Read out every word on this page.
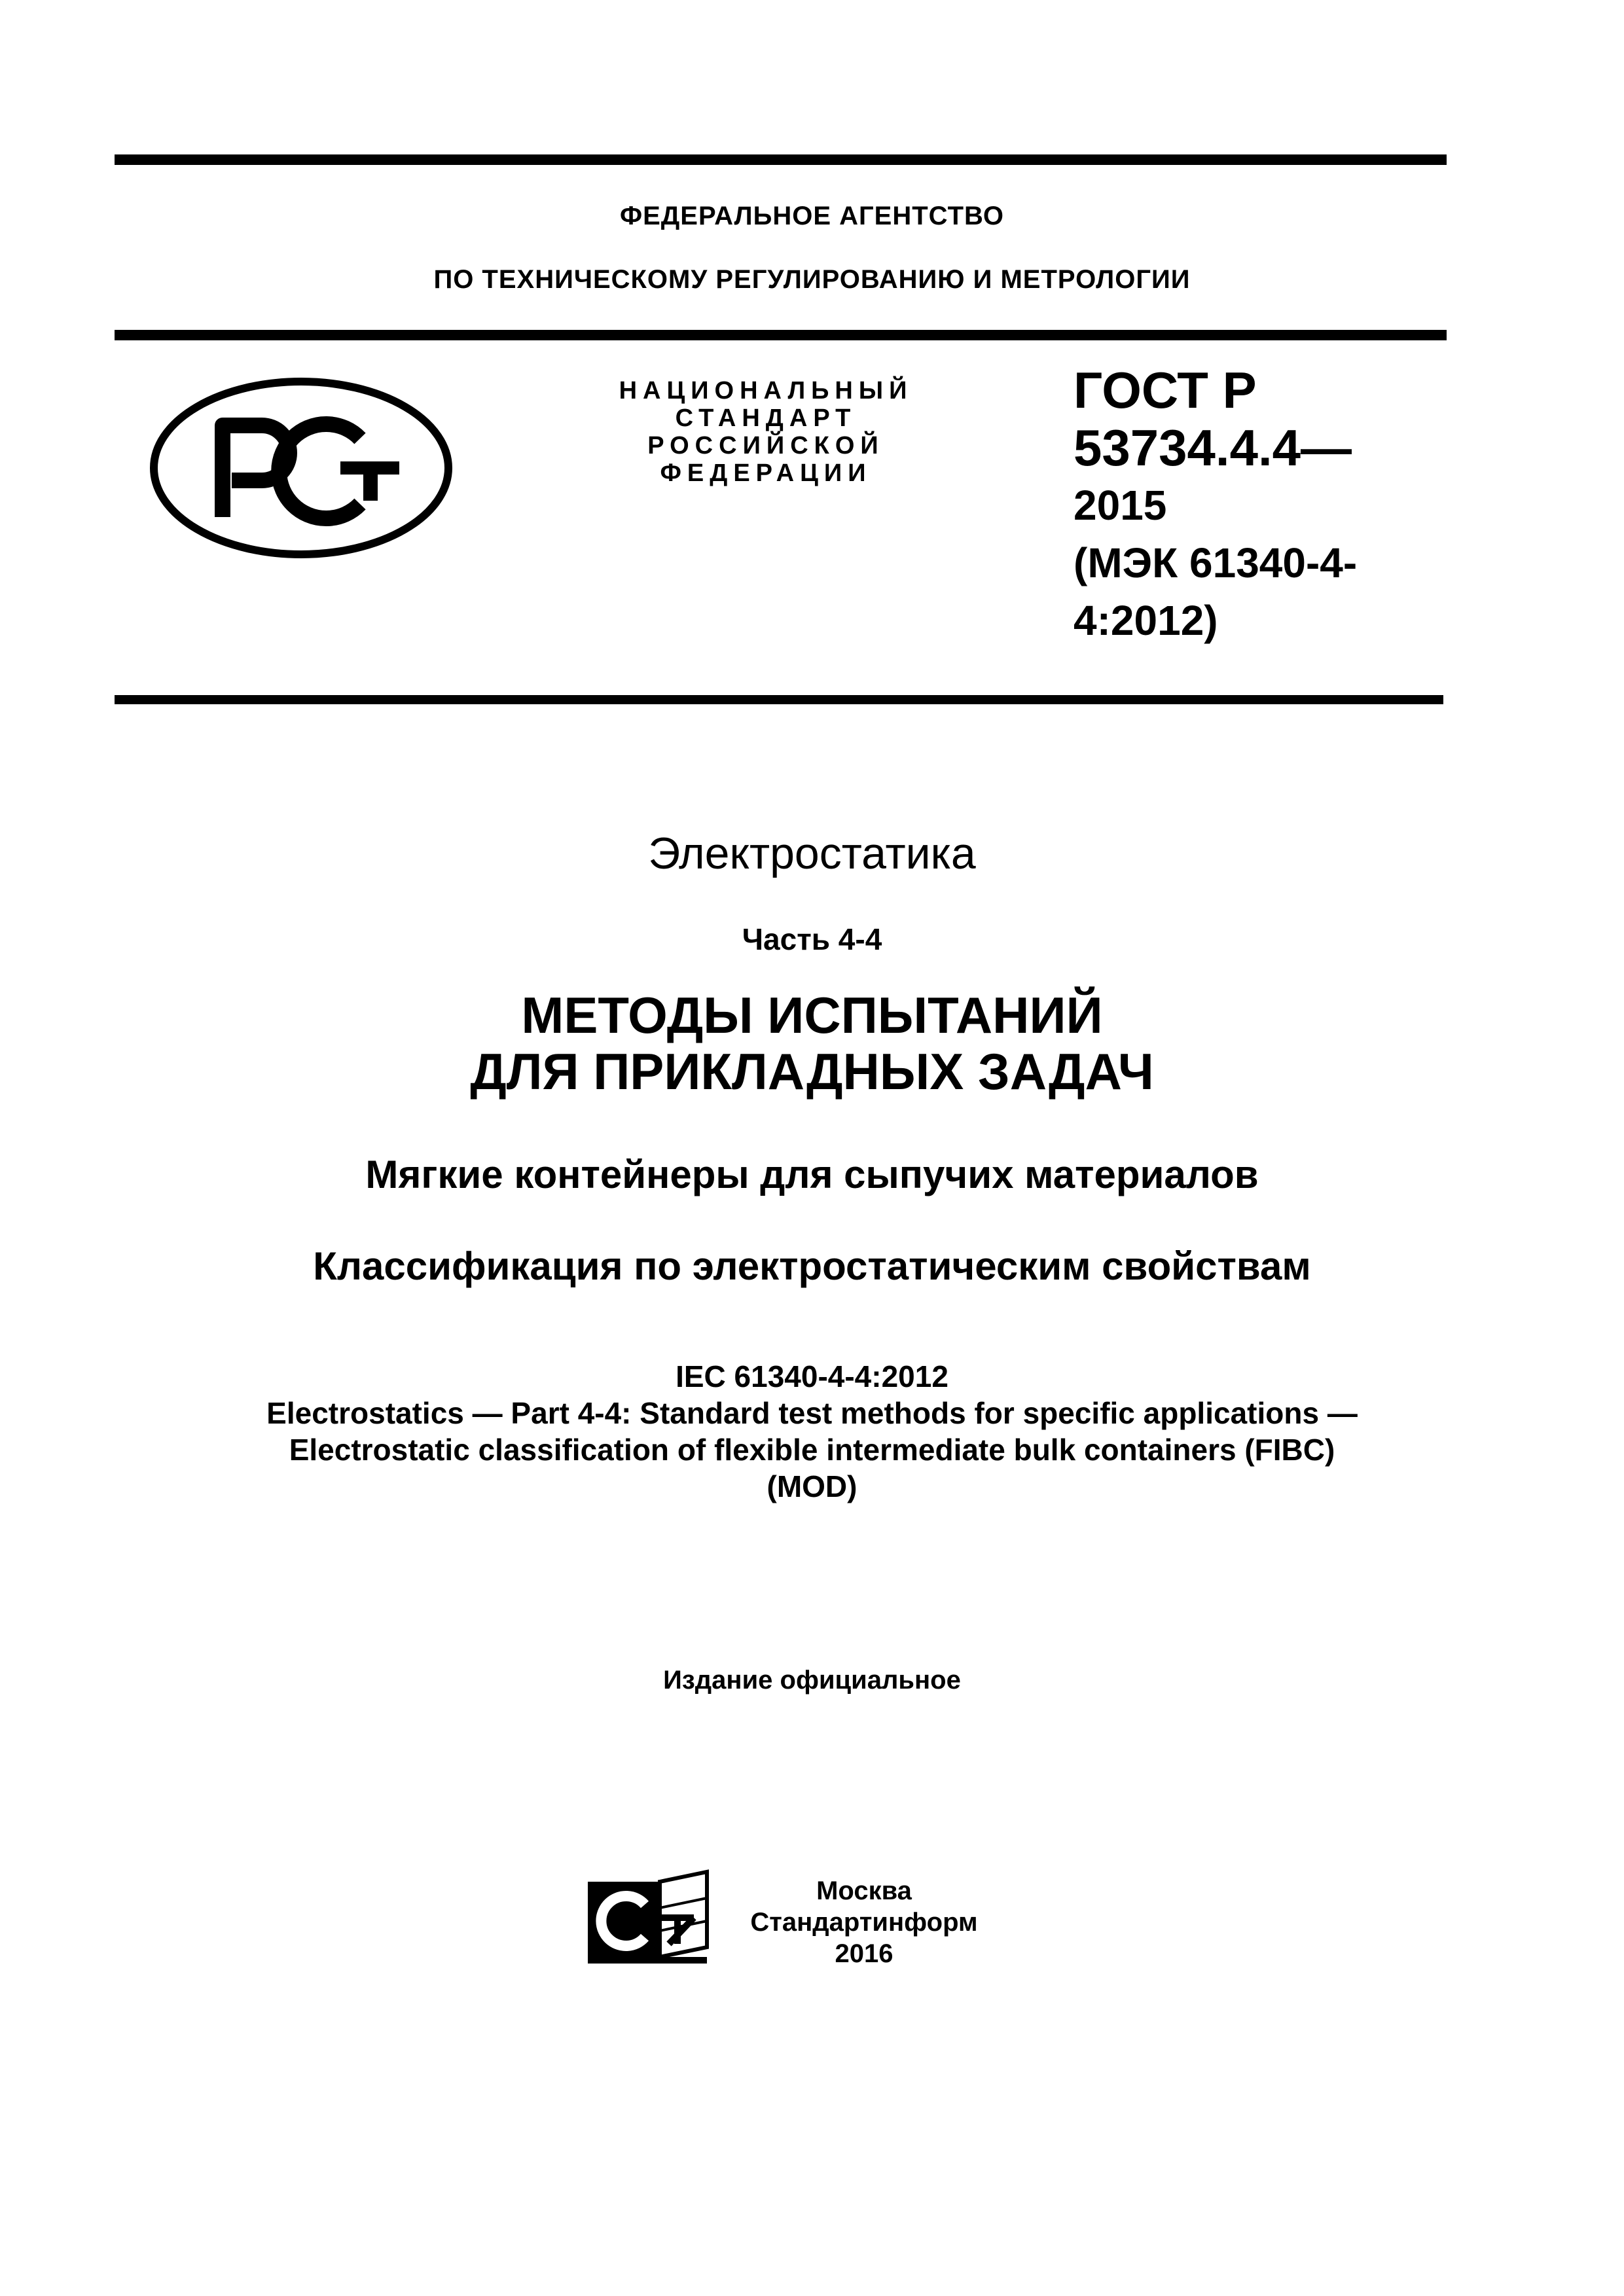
ФЕДЕРАЛЬНОЕ АГЕНТСТВО
ПО ТЕХНИЧЕСКОМУ РЕГУЛИРОВАНИЮ И МЕТРОЛОГИИ
НАЦИОНАЛЬНЫЙ
СТАНДАРТ
РОССИЙСКОЙ
ФЕДЕРАЦИИ
ГОСТ Р
53734.4.4—
2015
(МЭК 61340-4-
4:2012)
Электростатика
Часть 4-4
МЕТОДЫ ИСПЫТАНИЙ
ДЛЯ ПРИКЛАДНЫХ ЗАДАЧ
Мягкие контейнеры для сыпучих материалов
Классификация по электростатическим свойствам
IEC 61340-4-4:2012
Electrostatics — Part 4-4: Standard test methods for specific applications —
Electrostatic classification of flexible intermediate bulk containers (FIBC)
(MOD)
Издание официальное
Москва
Стандартинформ
2016
